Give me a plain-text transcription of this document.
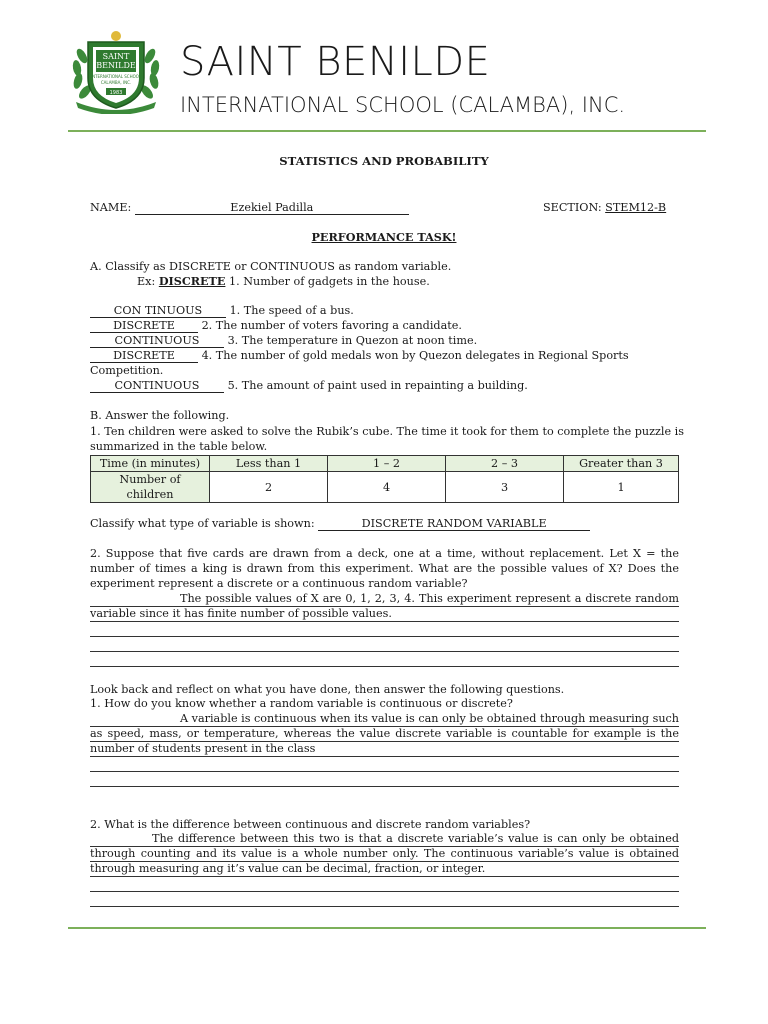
SAINT
BENILDE
INTERNATIONAL SCHOOL
CALAMBA, INC.
1983
SAINT BENILDE
INTERNATIONAL SCHOOL (CALAMBA), INC.
STATISTICS AND PROBABILITY
NAME:	Ezekiel Padilla	SECTION: STEM12-B
PERFORMANCE TASK!
A. Classify as DISCRETE or CONTINUOUS as random variable.
Ex: DISCRETE 1. Number of gadgets in the house.
CON TINUOUS 1. The speed of a bus.
DISCRETE 2. The number of voters favoring a candidate.
CONTINUOUS	3. The temperature in Quezon at noon time.
DISCRETE 4. The number of gold medals won by Quezon delegates in Regional Sports
Competition.
CONTINUOUS	5. The amount of paint used in repainting a building.
B. Answer the following.
1. Ten children were asked to solve the Rubik’s cube. The time it took for them to complete the puzzle is
summarized in the table below.
Time (in minutes)	Less than 1	1 – 2	2 – 3	Greater than 3

Number of
children	2	4	3	1
Classify what type of variable is shown:	DISCRETE RANDOM VARIABLE
2. Suppose that five cards are drawn from a deck, one at a time, without replacement. Let X = the number of times a king is drawn from this experiment. What are the possible values of X? Does the experiment represent a discrete or a continuous random variable?
The possible values of X are 0, 1, 2, 3, 4. This experiment represent a discrete random variable since it has finite number of possible values.
Look back and reflect on what you have done, then answer the following questions.
1. How do you know whether a random variable is continuous or discrete?
A variable is continuous when its value is can only be obtained through measuring such as speed, mass, or temperature, whereas the value discrete variable is countable for example is the number of students present in the class
2. What is the difference between continuous and discrete random variables?
The difference between this two is that a discrete variable’s value is can only be obtained through counting and its value is a whole number only. The continuous variable’s value is obtained through measuring ang it’s value can be decimal, fraction, or integer.
